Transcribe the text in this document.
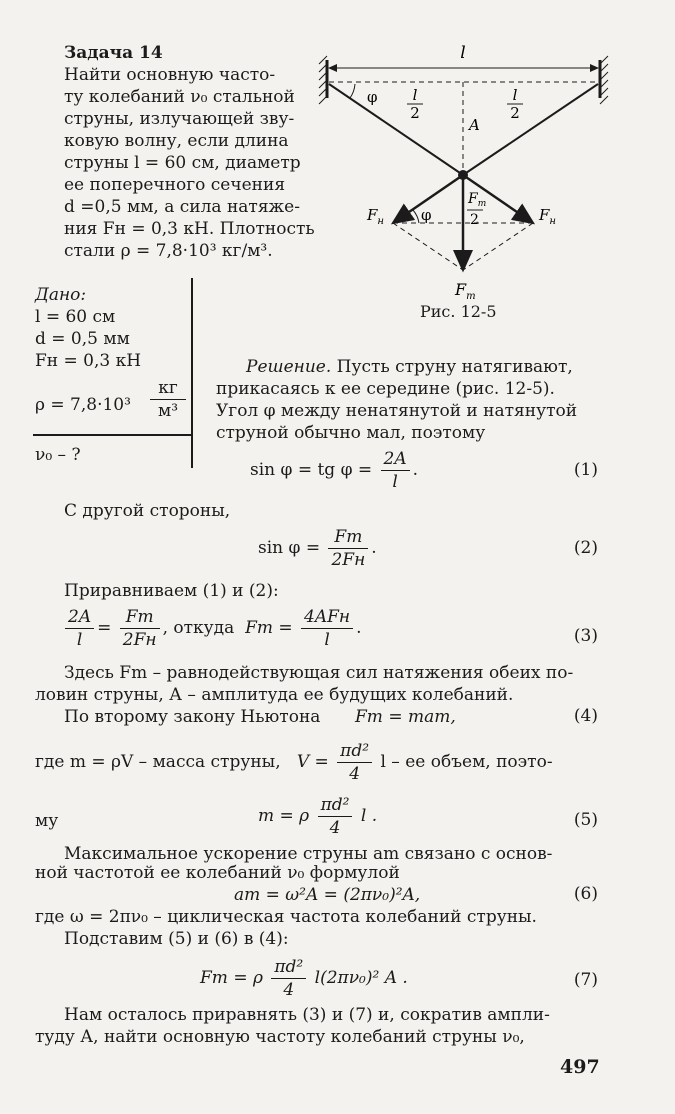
Задача 14
Найти основную часто-
ту колебаний ν₀ стальной
струны, излучающей зву-
ковую волну, если длина
струны l = 60 см, диаметр
ее поперечного сечения
d =0,5 мм, а сила натяже-
ния Fн = 0,3 кН. Плотность
стали ρ = 7,8·10³ кг/м³.
Дано:
l = 60 см
d = 0,5 мм
Fн = 0,3 кН
ρ = 7,8·10³
кг
м³
ν₀ – ?
l
φ l
2
l
2
A
φ
$F_н$	$F_н$
$F_m$
2
$F_m$
Рис. 12-5
Решение. Пусть струну натягивают,
прикасаясь к ее середине (рис. 12-5).
Угол φ между ненатянутой и натянутой
струной обычно мал, поэтому
sin φ = tg $\varphi = \frac{2A}{l}$ .	(1)
С другой стороны,
sin φ =
Fm
2Fн
.	(2)
Приравниваем (1) и (2):
$\frac{2A}{l}$ =
Fm
2Fн
, откуда Fm =
4AFн
l
.	(3)
Здесь Fm – равнодействующая сил натяжения обеих по-
ловин струны, А – амплитуда ее будущих колебаний.
По второму закону Ньютона Fm = mam,	(4)
где m = ρV – масса струны, $V = \frac{\text{πd²}}{4}$ l – ее объем, поэто-
му	m = ρ $\frac{\text{πd²}}{4}$ l .	(5)
Максимальное ускорение струны am связано с основ-
ной частотой ее колебаний ν₀ формулой
am = ω²A = (2πν₀)²A,	(6)
где ω = 2πν₀ – циклическая частота колебаний струны.
Подставим (5) и (6) в (4):
Fm = ρ $\frac{\text{πd²}}{4} l(2\pi\nu_0)^2$ A .	(7)
Нам осталось приравнять (3) и (7) и, сократив ампли-
туду А, найти основную частоту колебаний струны ν₀,
497
